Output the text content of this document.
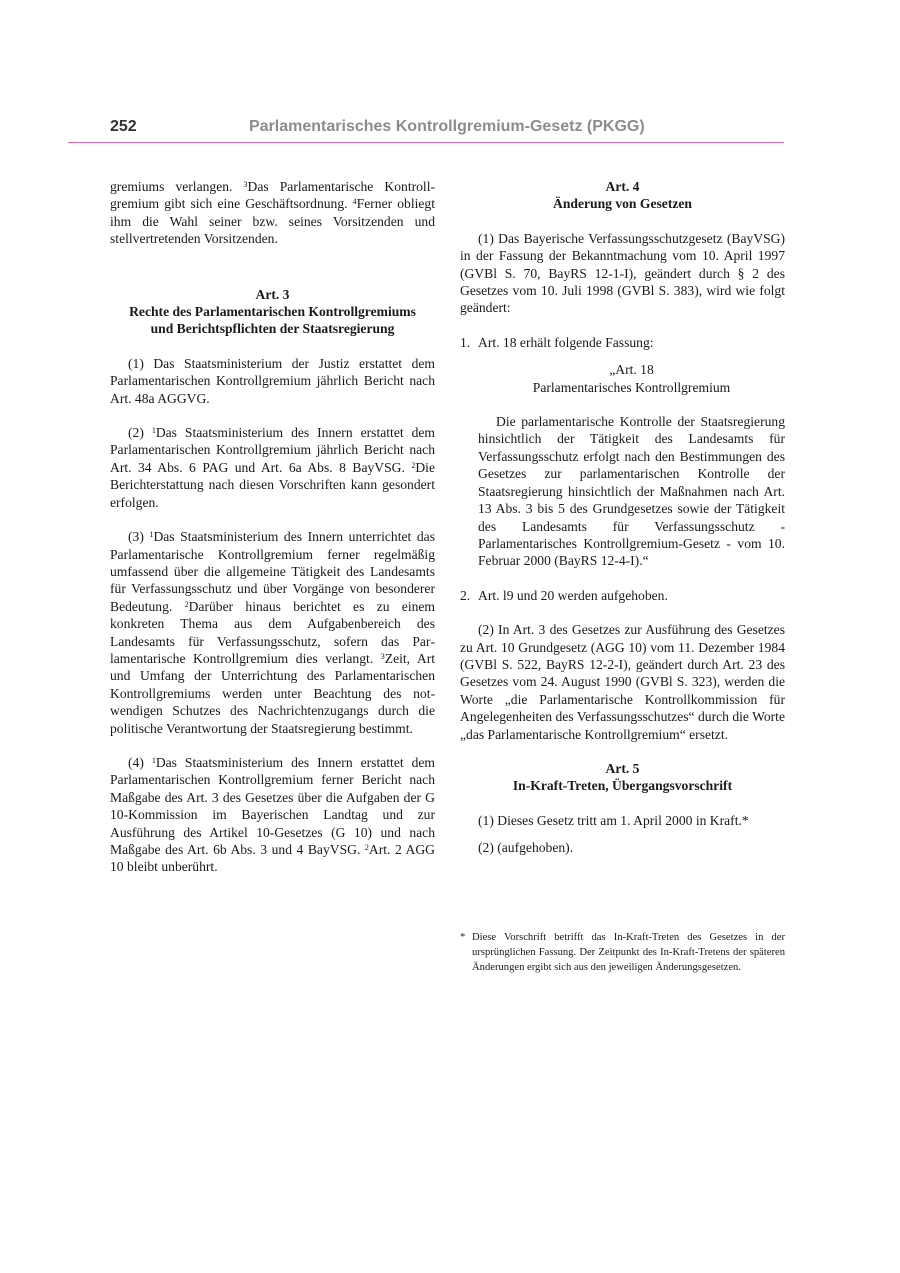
252	Parlamentarisches Kontrollgremium-Gesetz (PKGG)

gremiums verlangen. $^3$Das Parlamentarische Kontrollgremium gibt sich eine Geschäftsordnung. $^4$Ferner obliegt ihm die Wahl seiner bzw. seines Vorsitzenden und stellvertretenden Vorsitzenden.

Art. 3

Rechte des Parlamentarischen Kontrollgremiums

und Berichtspflichten der Staatsregierung

(1) Das Staatsministerium der Justiz erstattet dem Parlamentarischen Kontrollgremium jährlich Bericht nach Art. 48a AGGVG.

(2) $^1$Das Staatsministerium des Innern erstattet dem Parlamentarischen Kontrollgremium jährlich Bericht nach Art. 34 Abs. 6 PAG und Art. 6a Abs. 8 BayVSG. $^2$Die Berichterstattung nach diesen Vorschriften kann gesondert erfolgen.

(3) $^1$Das Staatsministerium des Innern unterrichtet das Parlamentarische Kontrollgremium ferner regelmäßig umfassend über die allgemeine Tätigkeit des Landesamts für Verfassungsschutz und über Vorgänge von besonderer Bedeutung. $^2$Darüber hinaus berichtet es zu einem konkreten Thema aus dem Aufgabenbereich des Landesamts für Verfassungsschutz, sofern das Parlamentarische Kontrollgremium dies verlangt. $^3$Zeit, Art und Umfang der Unterrichtung des Parlamentarischen Kontrollgremiums werden unter Beachtung des notwendigen Schutzes des Nachrichtenzugangs durch die politische Verantwortung der Staatsregierung bestimmt.

(4) $^1$Das Staatsministerium des Innern erstattet dem Parlamentarischen Kontrollgremium ferner Bericht nach Maßgabe des Art. 3 des Gesetzes über die Aufgaben der G 10-Kommission im Bayerischen Landtag und zur Ausführung des Artikel 10-Gesetzes (G 10) und nach Maßgabe des Art. 6b Abs. 3 und 4 BayVSG. $^2$Art. 2 AGG 10 bleibt unberührt.

Art. 4

Änderung von Gesetzen

(1) Das Bayerische Verfassungsschutzgesetz (BayVSG) in der Fassung der Bekanntmachung vom 10. April 1997 (GVBl S. 70, BayRS 12-1-I), geändert durch § 2 des Gesetzes vom 10. Juli 1998 (GVBl S. 383), wird wie folgt geändert:

1. Art. 18 erhält folgende Fassung:

„Art. 18

Parlamentarisches Kontrollgremium

Die parlamentarische Kontrolle der Staatsregierung hinsichtlich der Tätigkeit des Landesamts für Verfassungsschutz erfolgt nach den Bestimmungen des Gesetzes zur parlamentarischen Kontrolle der Staatsregierung hinsichtlich der Maßnahmen nach Art. 13 Abs. 3 bis 5 des Grundgesetzes sowie der Tätigkeit des Landesamts für Verfassungsschutz - Parlamentarisches Kontrollgremium-Gesetz - vom 10. Februar 2000 (BayRS 12-4-I).“

2. Art. l9 und 20 werden aufgehoben.

(2) In Art. 3 des Gesetzes zur Ausführung des Gesetzes zu Art. 10 Grundgesetz (AGG 10) vom 11. Dezember 1984 (GVBl S. 522, BayRS 12-2-I), geändert durch Art. 23 des Gesetzes vom 24. August 1990 (GVBl S. 323), werden die Worte „die Parlamentarische Kontrollkommission für Angelegenheiten des Verfassungsschutzes“ durch die Worte „das Parlamentarische Kontrollgremium“ ersetzt.

Art. 5

In-Kraft-Treten, Übergangsvorschrift

(1) Dieses Gesetz tritt am 1. April 2000 in Kraft.*

(2) (aufgehoben).

* Diese Vorschrift betrifft das In-Kraft-Treten des Gesetzes in der ursprünglichen Fassung. Der Zeitpunkt des In-Kraft-Tretens der späteren Änderungen ergibt sich aus den jeweiligen Änderungsgesetzen.
